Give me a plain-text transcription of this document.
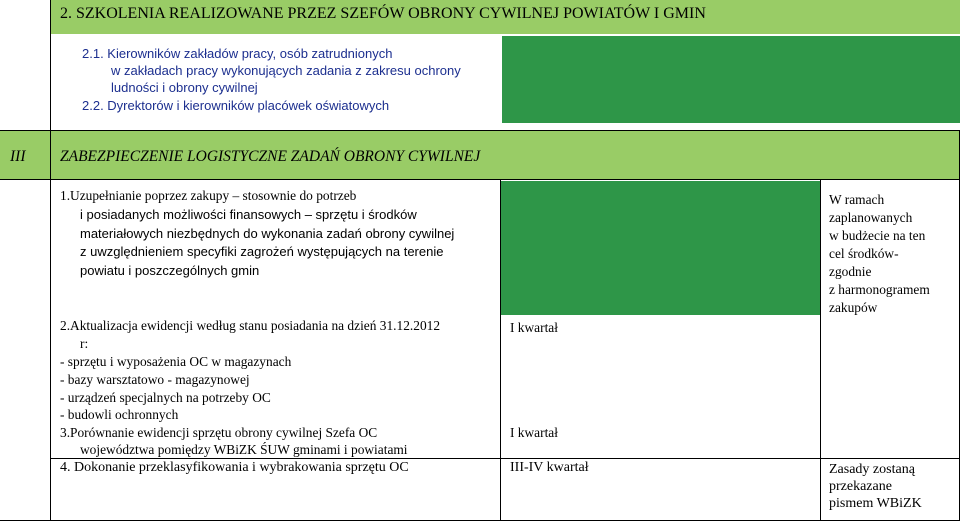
2. SZKOLENIA REALIZOWANE PRZEZ SZEFÓW OBRONY CYWILNEJ POWIATÓW I GMIN
2.1. Kierowników zakładów pracy, osób zatrudnionych
w zakładach pracy wykonujących zadania z zakresu ochrony
ludności i obrony cywilnej
2.2. Dyrektorów i kierowników placówek oświatowych
III ZABEZPIECZENIE LOGISTYCZNE ZADAŃ OBRONY CYWILNEJ
1.Uzupełnianie poprzez zakupy – stosownie do potrzeb
i posiadanych możliwości finansowych – sprzętu i środków
materiałowych niezbędnych do wykonania zadań obrony cywilnej
z uwzględnieniem specyfiki zagrożeń występujących na terenie
powiatu i poszczególnych gmin
W ramach
zaplanowanych
w budżecie na ten
cel środków-
zgodnie
z harmonogramem
zakupów
2.Aktualizacja ewidencji według stanu posiadania na dzień 31.12.2012
r:
- sprzętu i wyposażenia OC w magazynach
- bazy warsztatowo - magazynowej
- urządzeń specjalnych na potrzeby OC
- budowli ochronnych
I kwartał
3.Porównanie ewidencji sprzętu obrony cywilnej Szefa OC
województwa pomiędzy WBiZK ŚUW gminami i powiatami
I kwartał
4. Dokonanie przeklasyfikowania i wybrakowania sprzętu OC	III-IV kwartał	Zasady zostaną
przekazane
pismem WBiZK
